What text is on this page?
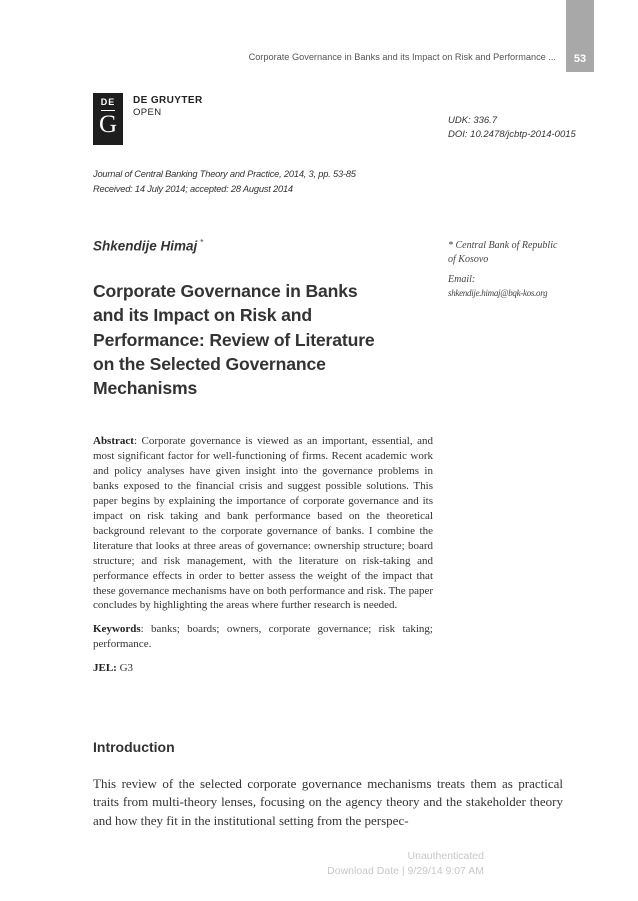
Corporate Governance in Banks and its Impact on Risk and Performance ...	53
DE
G
DE GRUYTER
OPEN
UDK: 336.7
DOI: 10.2478/jcbtp-2014-0015
Journal of Central Banking Theory and Practice, 2014, 3, pp. 53-85
Received: 14 July 2014; accepted: 28 August 2014
Shkendije Himaj *
Corporate Governance in Banks
and its Impact on Risk and
Performance: Review of Literature
on the Selected Governance
Mechanisms
* Central Bank of Republic
of Kosovo
Email:
shkendije.himaj@bqk-kos.org

Abstract: Corporate governance is viewed as an important, essential, and most significant factor for well-functioning of firms. Recent academic work and policy analyses have given insight into the governance problems in banks exposed to the financial crisis and suggest possible solutions. This paper begins by explaining the importance of corporate governance and its impact on risk taking and bank performance based on the theoretical background relevant to the corporate governance of banks. I combine the literature that looks at three areas of governance: ownership structure; board structure; and risk management, with the literature on risk-taking and performance effects in order to better assess the weight of the impact that these governance mechanisms have on both performance and risk. The paper concludes by highlighting the areas where further research is needed.

Keywords: banks; boards; owners, corporate governance; risk taking; performance.

JEL: G3

Introduction
This review of the selected corporate governance mechanisms treats them as practical traits from multi-theory lenses, focusing on the agency theory and the stakeholder theory and how they fit in the institutional setting from the perspec-
Unauthenticated
Download Date | 9/29/14 9:07 AM
